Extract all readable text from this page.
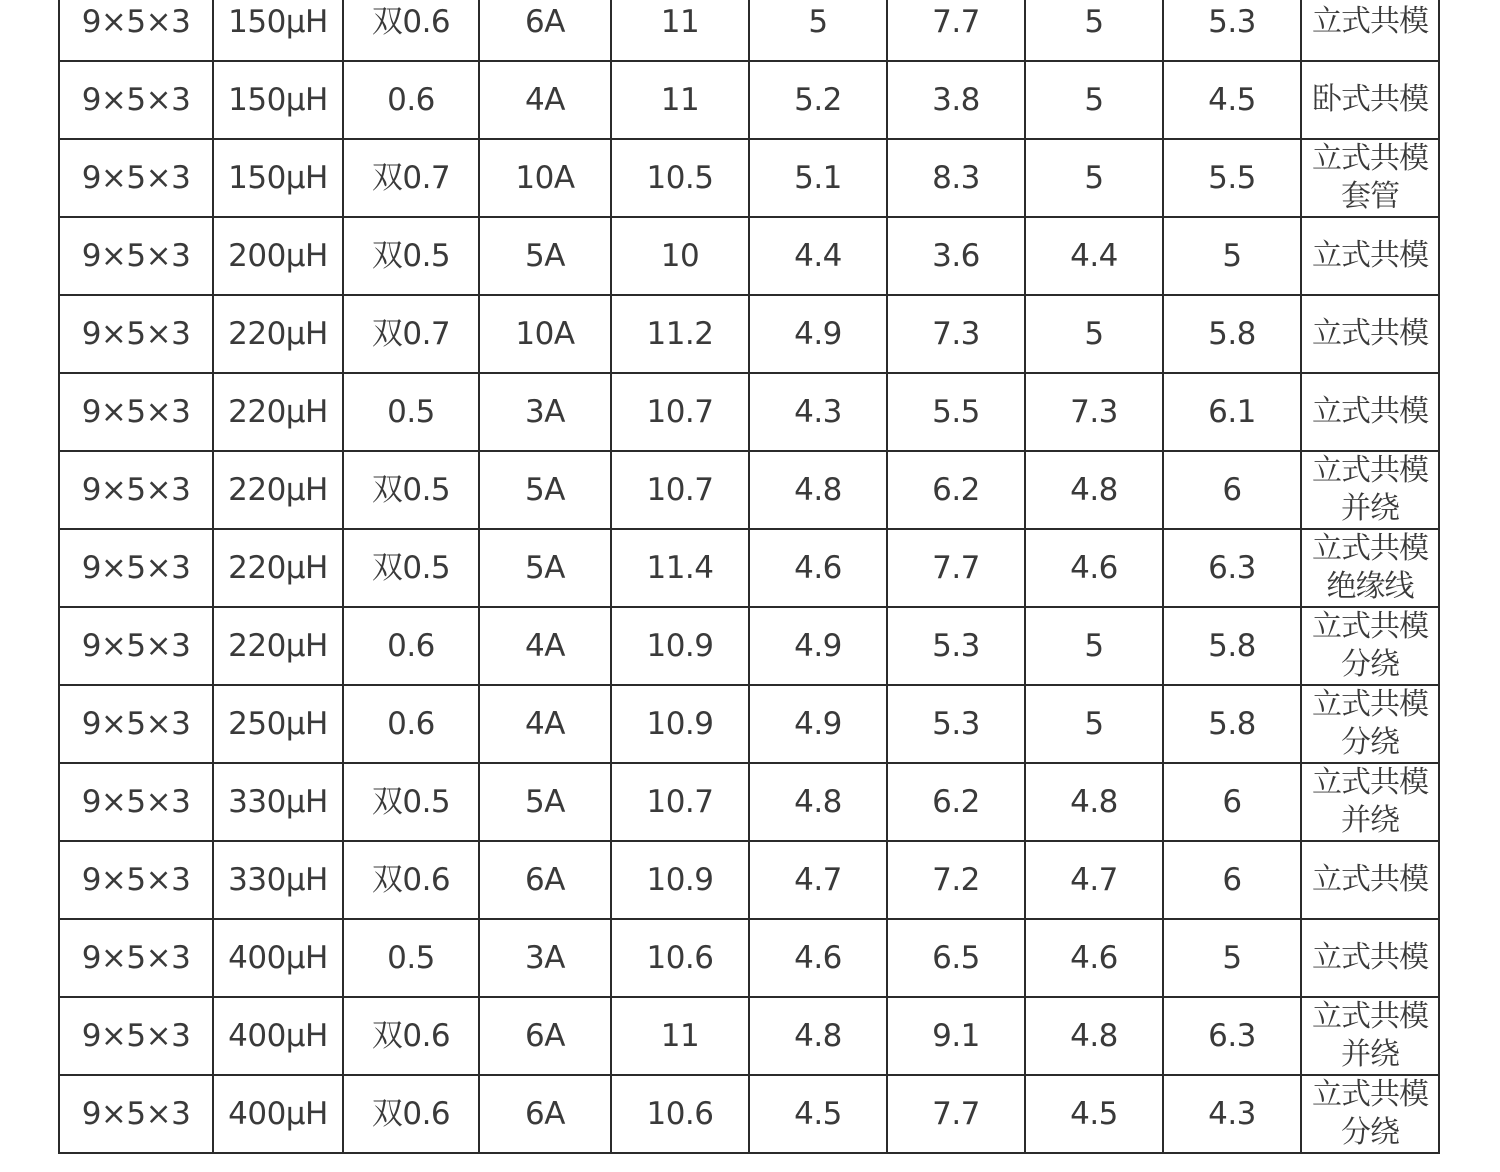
9×5×3	150μH	双0.6	6A	11	5	7.7	5	5.3	立式共模

9×5×3	150μH	0.6	4A	11	5.2	3.8	5	4.5	卧式共模

9×5×3	150μH	双0.7	10A	10.5	5.1	8.3	5	5.5	立式共模
套管

9×5×3	200μH	双0.5	5A	10	4.4	3.6	4.4	5	立式共模

9×5×3	220μH	双0.7	10A	11.2	4.9	7.3	5	5.8	立式共模

9×5×3	220μH	0.5	3A	10.7	4.3	5.5	7.3	6.1	立式共模

9×5×3	220μH	双0.5	5A	10.7	4.8	6.2	4.8	6	立式共模
并绕

9×5×3	220μH	双0.5	5A	11.4	4.6	7.7	4.6	6.3	立式共模
绝缘线

9×5×3	220μH	0.6	4A	10.9	4.9	5.3	5	5.8	立式共模
分绕

9×5×3	250μH	0.6	4A	10.9	4.9	5.3	5	5.8	立式共模
分绕

9×5×3	330μH	双0.5	5A	10.7	4.8	6.2	4.8	6	立式共模
并绕

9×5×3	330μH	双0.6	6A	10.9	4.7	7.2	4.7	6	立式共模

9×5×3	400μH	0.5	3A	10.6	4.6	6.5	4.6	5	立式共模

9×5×3	400μH	双0.6	6A	11	4.8	9.1	4.8	6.3	立式共模
并绕

9×5×3	400μH	双0.6	6A	10.6	4.5	7.7	4.5	4.3	立式共模
分绕
